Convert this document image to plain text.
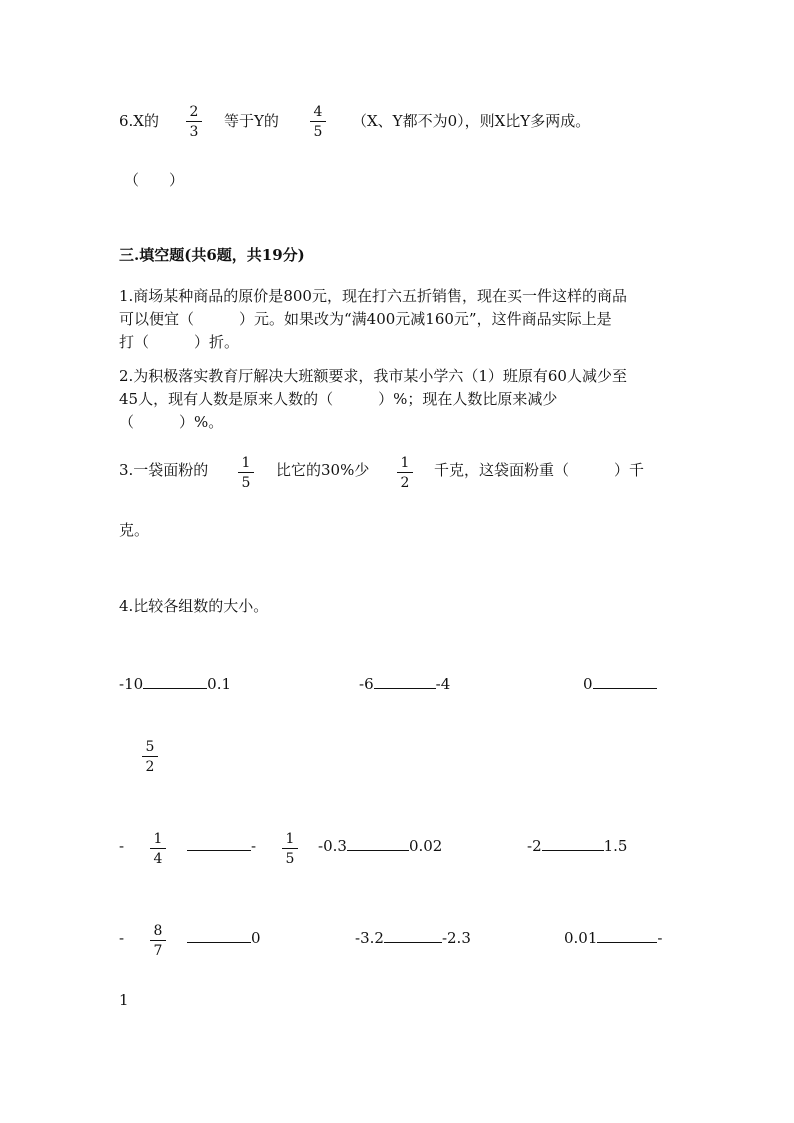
6.X的	2
3
等于Y的	4
5
（X、Y都不为0），则X比Y多两成。
（　　）
三.填空题(共6题，共19分)
1.商场某种商品的原价是800元，现在打六五折销售，现在买一件这样的商品
可以便宜（　　　）元。如果改为“满400元减160元”，这件商品实际上是
打（　　　）折。
2.为积极落实教育厅解决大班额要求，我市某小学六（1）班原有60人减少至
45人，现有人数是原来人数的（　　　）%；现在人数比原来减少
（　　　）%。
3.一袋面粉的	1
5
比它的30%少	1
2
千克，这袋面粉重（　　　）千
克。
4.比较各组数的大小。
-10	0.1	-6	-4	0
5
2
-	1
4
-	1
5
-0.3	0.02	-2	1.5
-	8
7
0	-3.2	-2.3	0.01	-
1
